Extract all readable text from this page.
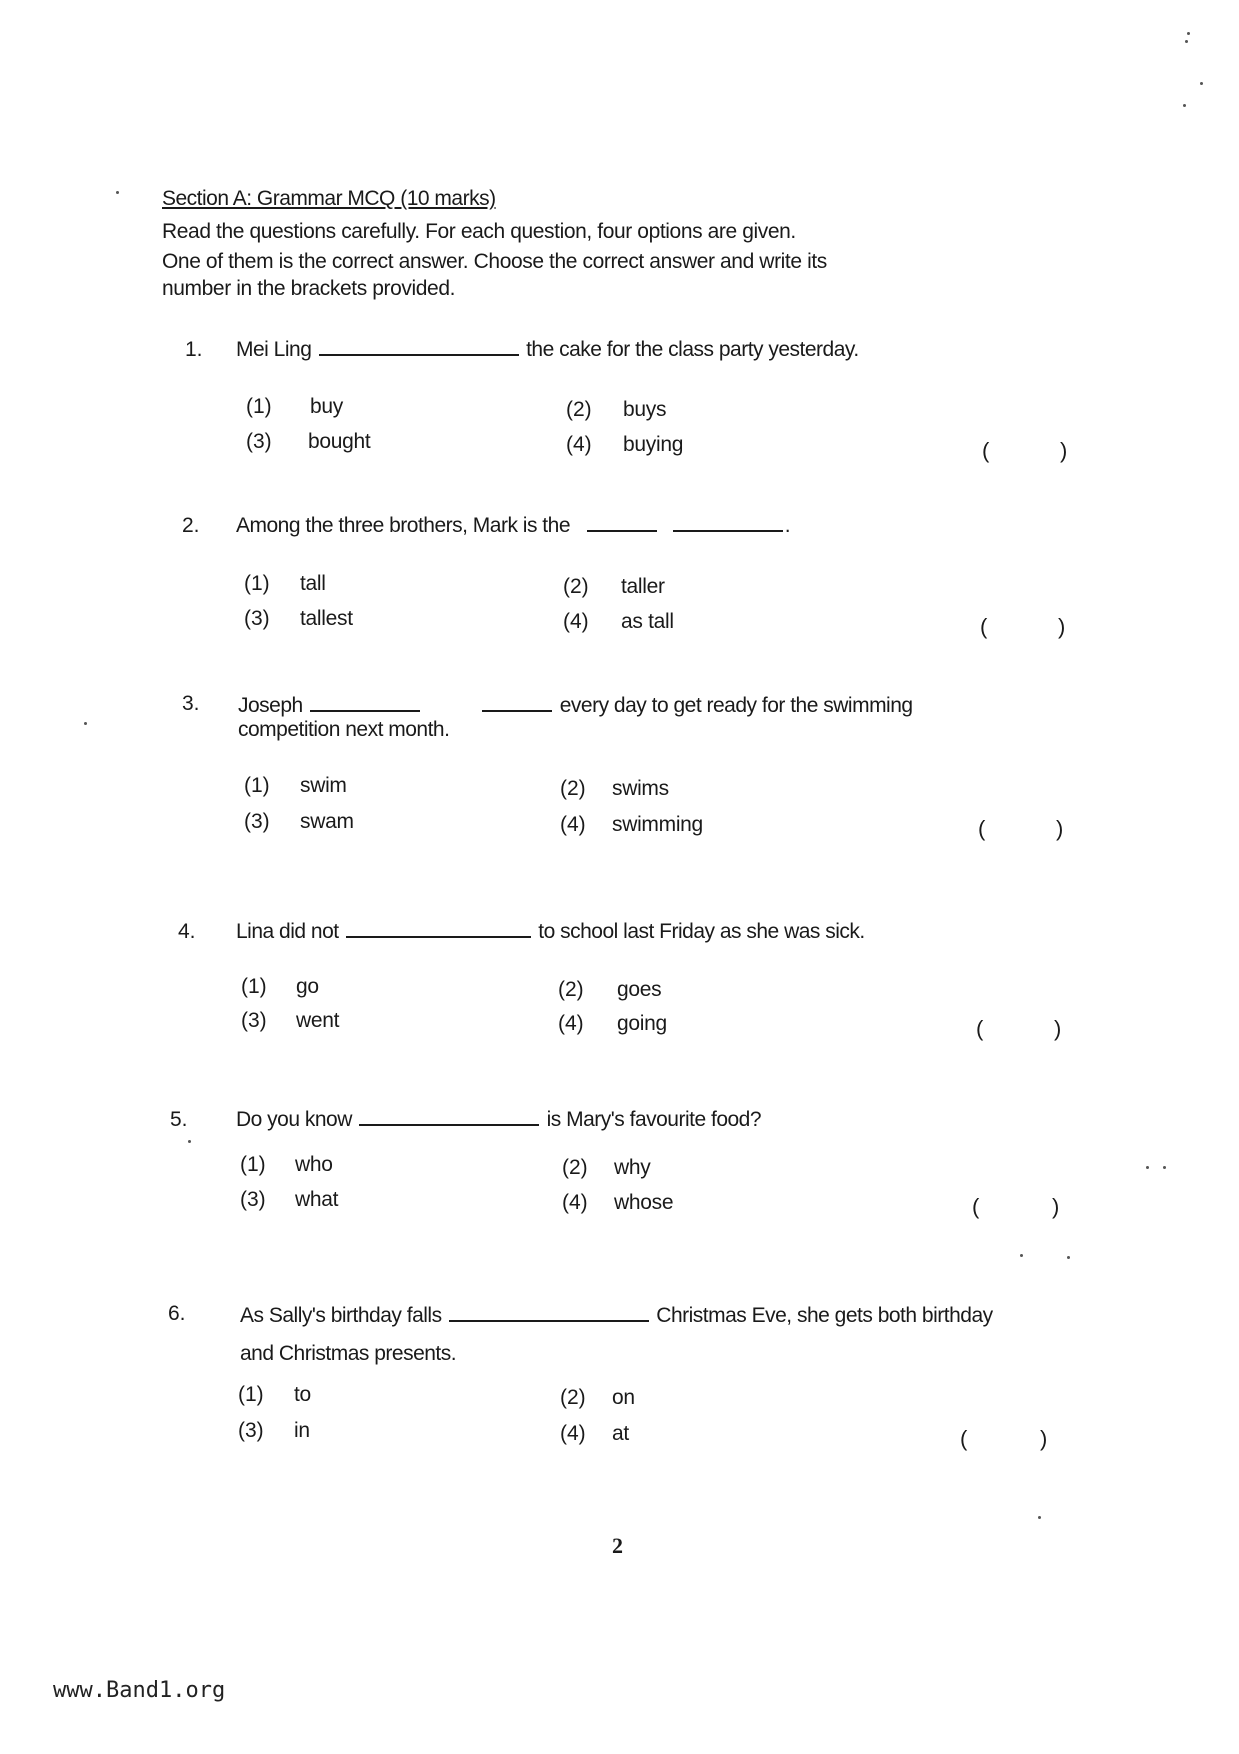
Section A: Grammar MCQ (10 marks)
Read the questions carefully. For each question, four options are given.
One of them is the correct answer. Choose the correct answer and write its
number in the brackets provided.
1. Mei Ling	the cake for the class party yesterday.
(1) buy	(2) buys
(3) bought	(4) buying	(	)
2. Among the three brothers, Mark is the	.
(1) tall	(2) taller
(3) tallest	(4) as tall	(	)
3. Joseph	every day to get ready for the swimming
competition next month.
(1) swim	(2) swims
(3) swam	(4) swimming	(	)
4. Lina did not	to school last Friday as she was sick.
(1) go	(2) goes
(3) went	(4) going	(	)
5. Do you know	is Mary's favourite food?
(1) who	(2) why
(3) what	(4) whose	(	)
6.	As Sally's birthday falls	Christmas Eve, she gets both birthday
and Christmas presents.
(1) to	(2) on
(3) in	(4) at	(	)
2
www.Band1.org
